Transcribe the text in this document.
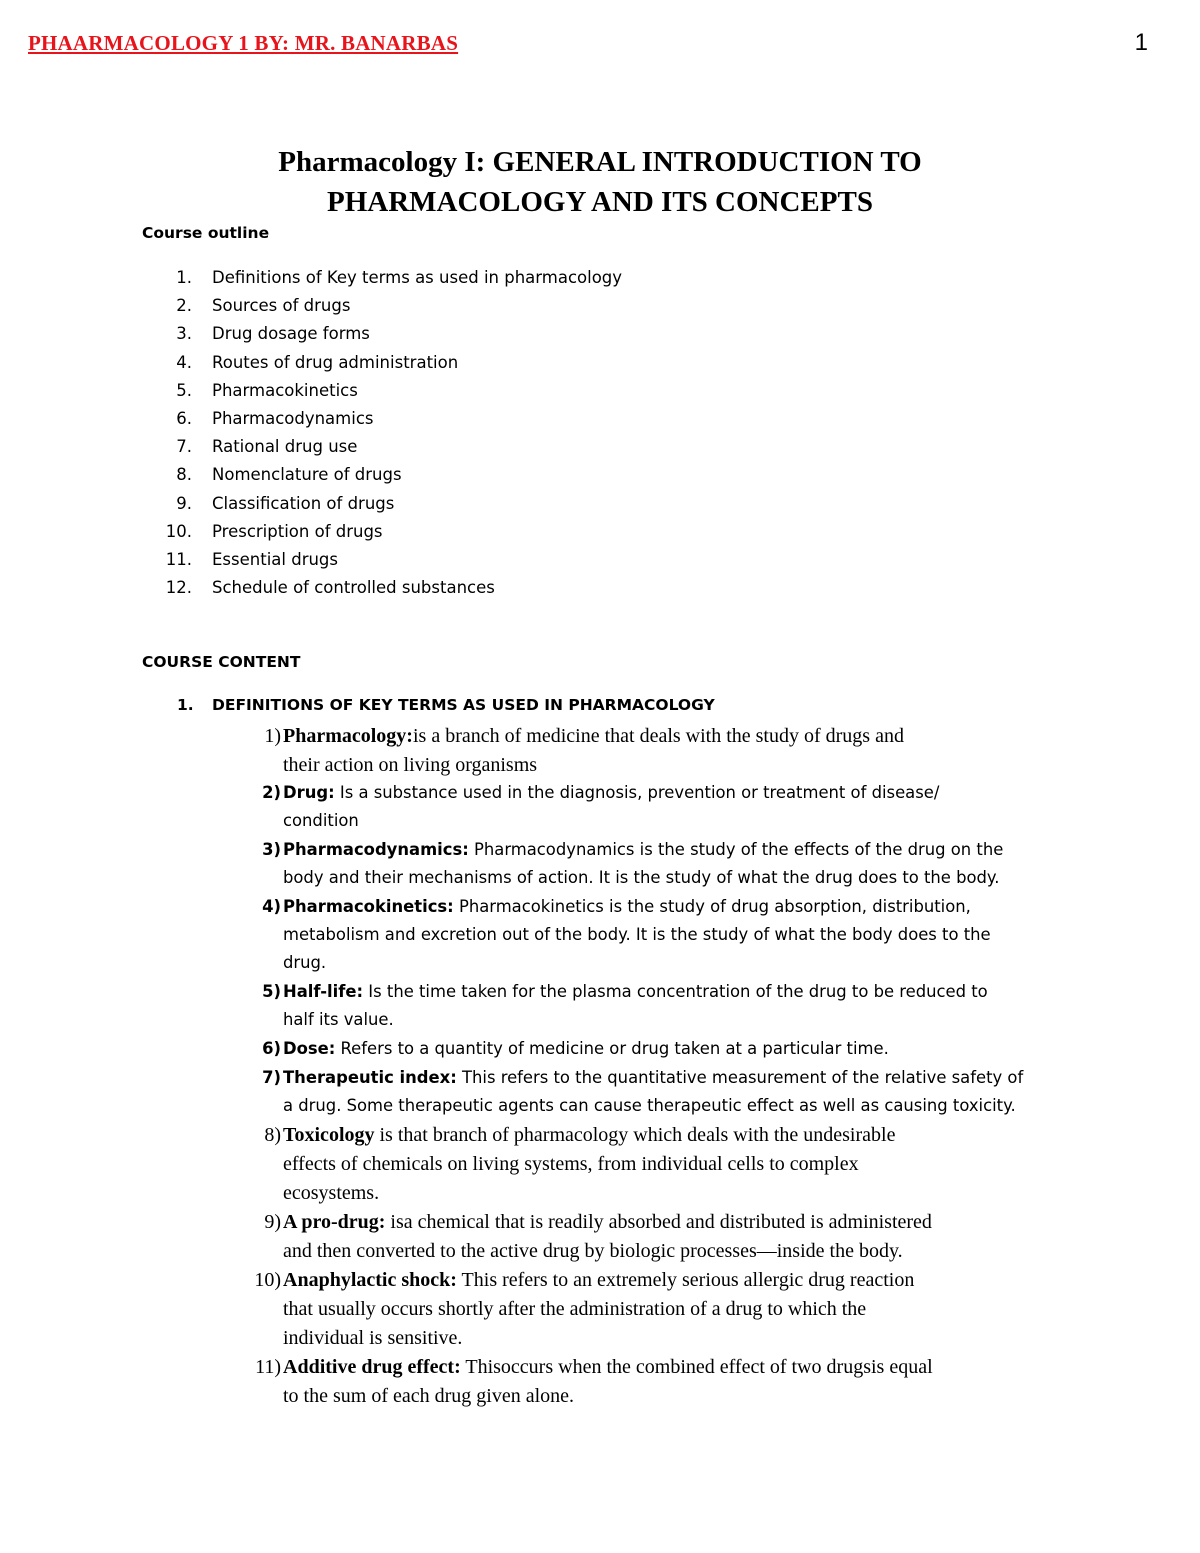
PHAARMACOLOGY 1 BY: MR. BANARBAS	1
Pharmacology I: GENERAL INTRODUCTION TO
PHARMACOLOGY AND ITS CONCEPTS
Course outline
1. Definitions of Key terms as used in pharmacology
2. Sources of drugs
3. Drug dosage forms
4. Routes of drug administration
5. Pharmacokinetics
6. Pharmacodynamics
7. Rational drug use
8. Nomenclature of drugs
9. Classification of drugs
10. Prescription of drugs
11. Essential drugs
12. Schedule of controlled substances
COURSE CONTENT
1. DEFINITIONS OF KEY TERMS AS USED IN PHARMACOLOGY
1) Pharmacology:is a branch of medicine that deals with the study of drugs and
their action on living organisms
2) Drug: Is a substance used in the diagnosis, prevention or treatment of disease/
condition
3) Pharmacodynamics: Pharmacodynamics is the study of the effects of the drug on the
body and their mechanisms of action. It is the study of what the drug does to the body.
4) Pharmacokinetics: Pharmacokinetics is the study of drug absorption, distribution,
metabolism and excretion out of the body. It is the study of what the body does to the
drug.
5) Half-life: Is the time taken for the plasma concentration of the drug to be reduced to
half its value.
6) Dose: Refers to a quantity of medicine or drug taken at a particular time.
7) Therapeutic index: This refers to the quantitative measurement of the relative safety of
a drug. Some therapeutic agents can cause therapeutic effect as well as causing toxicity.
8) Toxicology is that branch of pharmacology which deals with the undesirable
effects of chemicals on living systems, from individual cells to complex
ecosystems.
9) A pro-drug: isa chemical that is readily absorbed and distributed is administered
and then converted to the active drug by biologic processes—inside the body.
10) Anaphylactic shock: This refers to an extremely serious allergic drug reaction
that usually occurs shortly after the administration of a drug to which the
individual is sensitive.
11) Additive drug effect: Thisoccurs when the combined effect of two drugsis equal
to the sum of each drug given alone.
